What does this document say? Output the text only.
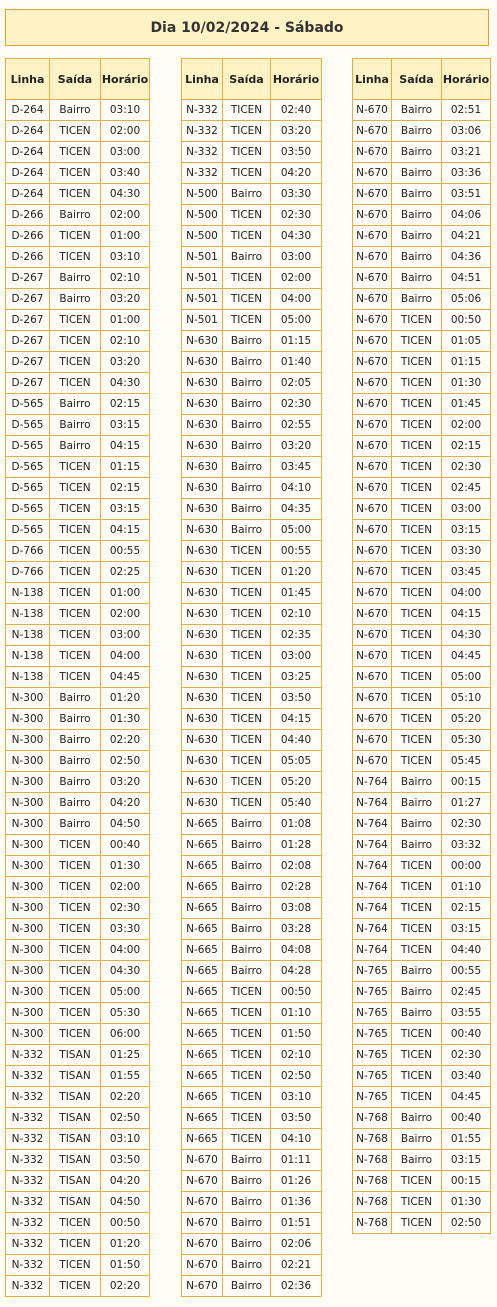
Dia 10/02/2024 - Sábado
Linha	Saída	Horário
D-264	Bairro	03:10
D-264	TICEN	02:00
D-264	TICEN	03:00
D-264	TICEN	03:40
D-264	TICEN	04:30
D-266	Bairro	02:00
D-266	TICEN	01:00
D-266	TICEN	03:10
D-267	Bairro	02:10
D-267	Bairro	03:20
D-267	TICEN	01:00
D-267	TICEN	02:10
D-267	TICEN	03:20
D-267	TICEN	04:30
D-565	Bairro	02:15
D-565	Bairro	03:15
D-565	Bairro	04:15
D-565	TICEN	01:15
D-565	TICEN	02:15
D-565	TICEN	03:15
D-565	TICEN	04:15
D-766	TICEN	00:55
D-766	TICEN	02:25
N-138	TICEN	01:00
N-138	TICEN	02:00
N-138	TICEN	03:00
N-138	TICEN	04:00
N-138	TICEN	04:45
N-300	Bairro	01:20
N-300	Bairro	01:30
N-300	Bairro	02:20
N-300	Bairro	02:50
N-300	Bairro	03:20
N-300	Bairro	04:20
N-300	Bairro	04:50
N-300	TICEN	00:40
N-300	TICEN	01:30
N-300	TICEN	02:00
N-300	TICEN	02:30
N-300	TICEN	03:30
N-300	TICEN	04:00
N-300	TICEN	04:30
N-300	TICEN	05:00
N-300	TICEN	05:30
N-300	TICEN	06:00
N-332	TISAN	01:25
N-332	TISAN	01:55
N-332	TISAN	02:20
N-332	TISAN	02:50
N-332	TISAN	03:10
N-332	TISAN	03:50
N-332	TISAN	04:20
N-332	TISAN	04:50
N-332	TICEN	00:50
N-332	TICEN	01:20
N-332	TICEN	01:50
N-332	TICEN	02:20
Linha	Saída	Horário
N-332	TICEN	02:40
N-332	TICEN	03:20
N-332	TICEN	03:50
N-332	TICEN	04:20
N-500	Bairro	03:30
N-500	TICEN	02:30
N-500	TICEN	04:30
N-501	Bairro	03:00
N-501	TICEN	02:00
N-501	TICEN	04:00
N-501	TICEN	05:00
N-630	Bairro	01:15
N-630	Bairro	01:40
N-630	Bairro	02:05
N-630	Bairro	02:30
N-630	Bairro	02:55
N-630	Bairro	03:20
N-630	Bairro	03:45
N-630	Bairro	04:10
N-630	Bairro	04:35
N-630	Bairro	05:00
N-630	TICEN	00:55
N-630	TICEN	01:20
N-630	TICEN	01:45
N-630	TICEN	02:10
N-630	TICEN	02:35
N-630	TICEN	03:00
N-630	TICEN	03:25
N-630	TICEN	03:50
N-630	TICEN	04:15
N-630	TICEN	04:40
N-630	TICEN	05:05
N-630	TICEN	05:20
N-630	TICEN	05:40
N-665	Bairro	01:08
N-665	Bairro	01:28
N-665	Bairro	02:08
N-665	Bairro	02:28
N-665	Bairro	03:08
N-665	Bairro	03:28
N-665	Bairro	04:08
N-665	Bairro	04:28
N-665	TICEN	00:50
N-665	TICEN	01:10
N-665	TICEN	01:50
N-665	TICEN	02:10
N-665	TICEN	02:50
N-665	TICEN	03:10
N-665	TICEN	03:50
N-665	TICEN	04:10
N-670	Bairro	01:11
N-670	Bairro	01:26
N-670	Bairro	01:36
N-670	Bairro	01:51
N-670	Bairro	02:06
N-670	Bairro	02:21
N-670	Bairro	02:36
Linha	Saída	Horário
N-670	Bairro	02:51
N-670	Bairro	03:06
N-670	Bairro	03:21
N-670	Bairro	03:36
N-670	Bairro	03:51
N-670	Bairro	04:06
N-670	Bairro	04:21
N-670	Bairro	04:36
N-670	Bairro	04:51
N-670	Bairro	05:06
N-670	TICEN	00:50
N-670	TICEN	01:05
N-670	TICEN	01:15
N-670	TICEN	01:30
N-670	TICEN	01:45
N-670	TICEN	02:00
N-670	TICEN	02:15
N-670	TICEN	02:30
N-670	TICEN	02:45
N-670	TICEN	03:00
N-670	TICEN	03:15
N-670	TICEN	03:30
N-670	TICEN	03:45
N-670	TICEN	04:00
N-670	TICEN	04:15
N-670	TICEN	04:30
N-670	TICEN	04:45
N-670	TICEN	05:00
N-670	TICEN	05:10
N-670	TICEN	05:20
N-670	TICEN	05:30
N-670	TICEN	05:45
N-764	Bairro	00:15
N-764	Bairro	01:27
N-764	Bairro	02:30
N-764	Bairro	03:32
N-764	TICEN	00:00
N-764	TICEN	01:10
N-764	TICEN	02:15
N-764	TICEN	03:15
N-764	TICEN	04:40
N-765	Bairro	00:55
N-765	Bairro	02:45
N-765	Bairro	03:55
N-765	TICEN	00:40
N-765	TICEN	02:30
N-765	TICEN	03:40
N-765	TICEN	04:45
N-768	Bairro	00:40
N-768	Bairro	01:55
N-768	Bairro	03:15
N-768	TICEN	00:15
N-768	TICEN	01:30
N-768	TICEN	02:50
